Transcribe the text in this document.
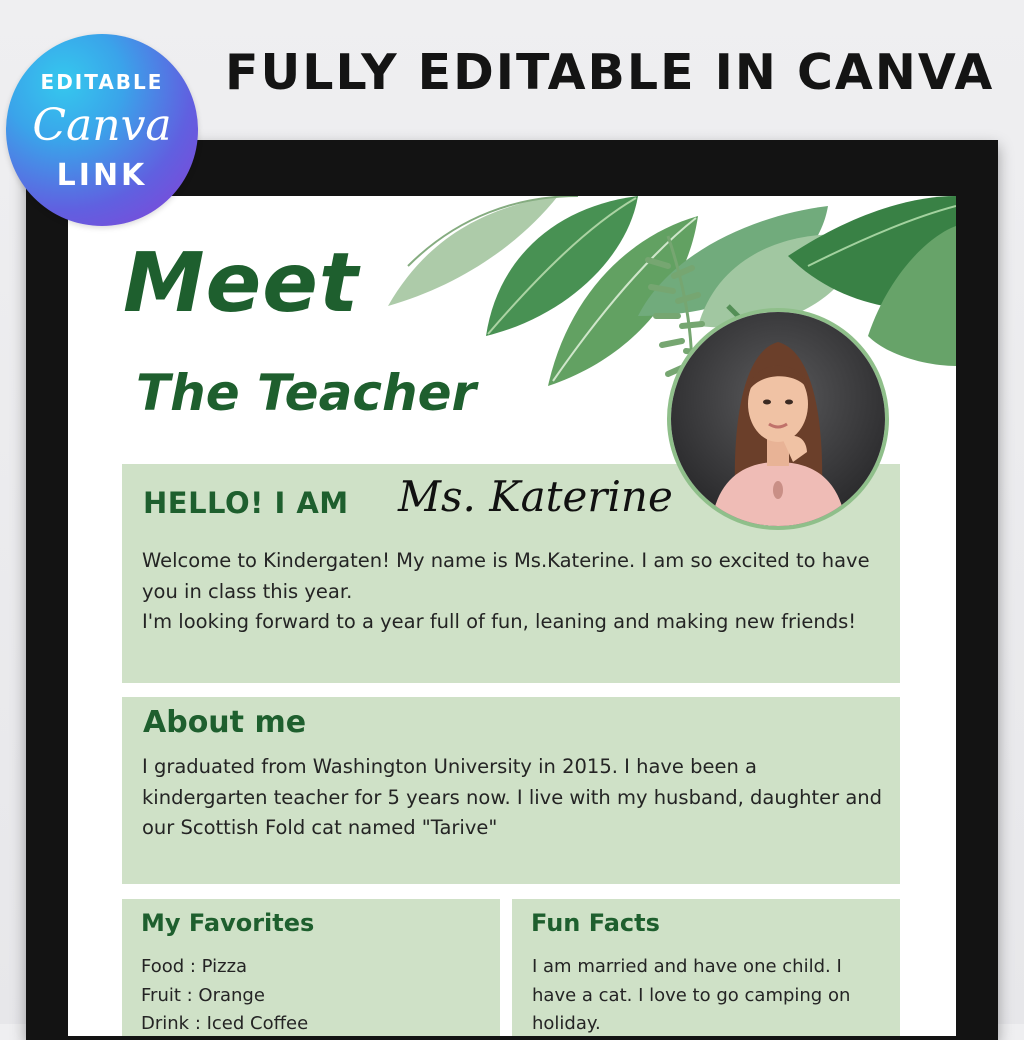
FULLY EDITABLE IN CANVA
EDITABLE
Canva
LINK
Meet
The Teacher
HELLO! I AM Ms. Katerine
Welcome to Kindergaten! My name is Ms.Katerine. I am so excited to have you in class this year.
I'm looking forward to a year full of fun, leaning and making new friends!
About me
I graduated from Washington University in 2015. I have been a kindergarten teacher for 5 years now. I live with my husband, daughter and our Scottish Fold cat named "Tarive"
My Favorites
Food : Pizza
Fruit : Orange
Drink : Iced Coffee
Fun Facts
I am married and have one child. I have a cat. I love to go camping on holiday.
